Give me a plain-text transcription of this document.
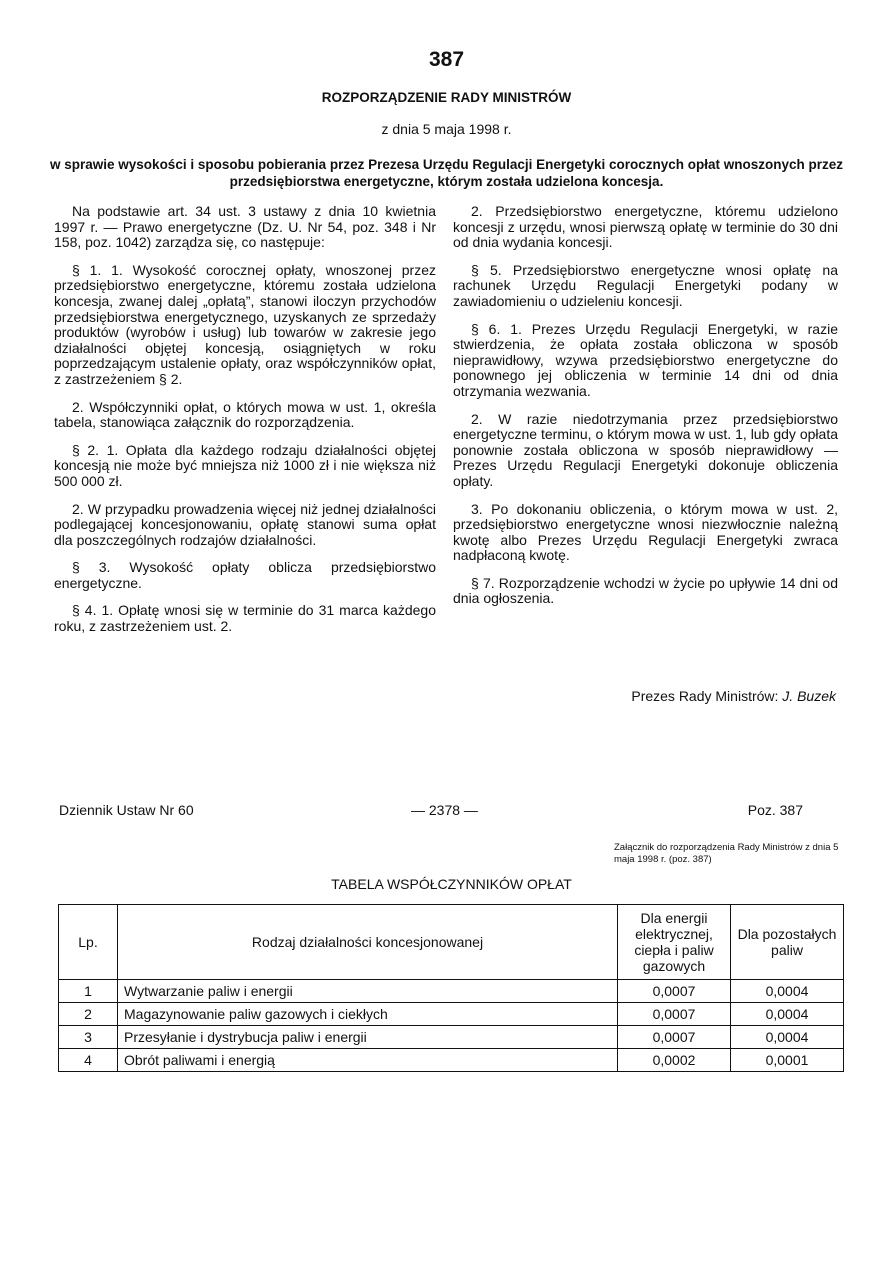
387
ROZPORZĄDZENIE RADY MINISTRÓW
z dnia 5 maja 1998 r.
w sprawie wysokości i sposobu pobierania przez Prezesa Urzędu Regulacji Energetyki corocznych opłat wnoszonych przez przedsiębiorstwa energetyczne, którym została udzielona koncesja.

Na podstawie art. 34 ust. 3 ustawy z dnia 10 kwietnia 1997 r. — Prawo energetyczne (Dz. U. Nr 54, poz. 348 i Nr 158, poz. 1042) zarządza się, co następuje:

§ 1. 1. Wysokość corocznej opłaty, wnoszonej przez przedsiębiorstwo energetyczne, któremu została udzielona koncesja, zwanej dalej „opłatą”, stanowi iloczyn przychodów przedsiębiorstwa energetycznego, uzyskanych ze sprzedaży produktów (wyrobów i usług) lub towarów w zakresie jego działalności objętej koncesją, osiągniętych w roku poprzedzającym ustalenie opłaty, oraz współczynników opłat, z zastrzeżeniem § 2.

2. Współczynniki opłat, o których mowa w ust. 1, określa tabela, stanowiąca załącznik do rozporządzenia.

§ 2. 1. Opłata dla każdego rodzaju działalności objętej koncesją nie może być mniejsza niż 1000 zł i nie większa niż 500 000 zł.

2. W przypadku prowadzenia więcej niż jednej działalności podlegającej koncesjonowaniu, opłatę stanowi suma opłat dla poszczególnych rodzajów działalności.

§ 3. Wysokość opłaty oblicza przedsiębiorstwo energetyczne.

§ 4. 1. Opłatę wnosi się w terminie do 31 marca każdego roku, z zastrzeżeniem ust. 2.

2. Przedsiębiorstwo energetyczne, któremu udzielono koncesji z urzędu, wnosi pierwszą opłatę w terminie do 30 dni od dnia wydania koncesji.

§ 5. Przedsiębiorstwo energetyczne wnosi opłatę na rachunek Urzędu Regulacji Energetyki podany w zawiadomieniu o udzieleniu koncesji.

§ 6. 1. Prezes Urzędu Regulacji Energetyki, w razie stwierdzenia, że opłata została obliczona w sposób nieprawidłowy, wzywa przedsiębiorstwo energetyczne do ponownego jej obliczenia w terminie 14 dni od dnia otrzymania wezwania.

2. W razie niedotrzymania przez przedsiębiorstwo energetyczne terminu, o którym mowa w ust. 1, lub gdy opłata ponownie została obliczona w sposób nieprawidłowy — Prezes Urzędu Regulacji Energetyki dokonuje obliczenia opłaty.

3. Po dokonaniu obliczenia, o którym mowa w ust. 2, przedsiębiorstwo energetyczne wnosi niezwłocznie należną kwotę albo Prezes Urzędu Regulacji Energetyki zwraca nadpłaconą kwotę.

§ 7. Rozporządzenie wchodzi w życie po upływie 14 dni od dnia ogłoszenia.

Prezes Rady Ministrów: J. Buzek
Dziennik Ustaw Nr 60	— 2378 —	Poz. 387
Załącznik do rozporządzenia Rady Ministrów z dnia 5 maja 1998 r. (poz. 387)
TABELA WSPÓŁCZYNNIKÓW OPŁAT
Lp.	Rodzaj działalności koncesjonowanej	Dla energii elektrycznej, ciepła i paliw gazowych	Dla pozostałych paliw
1	Wytwarzanie paliw i energii	0,0007	0,0004
2	Magazynowanie paliw gazowych i ciekłych	0,0007	0,0004
3	Przesyłanie i dystrybucja paliw i energii	0,0007	0,0004
4	Obrót paliwami i energią	0,0002	0,0001
